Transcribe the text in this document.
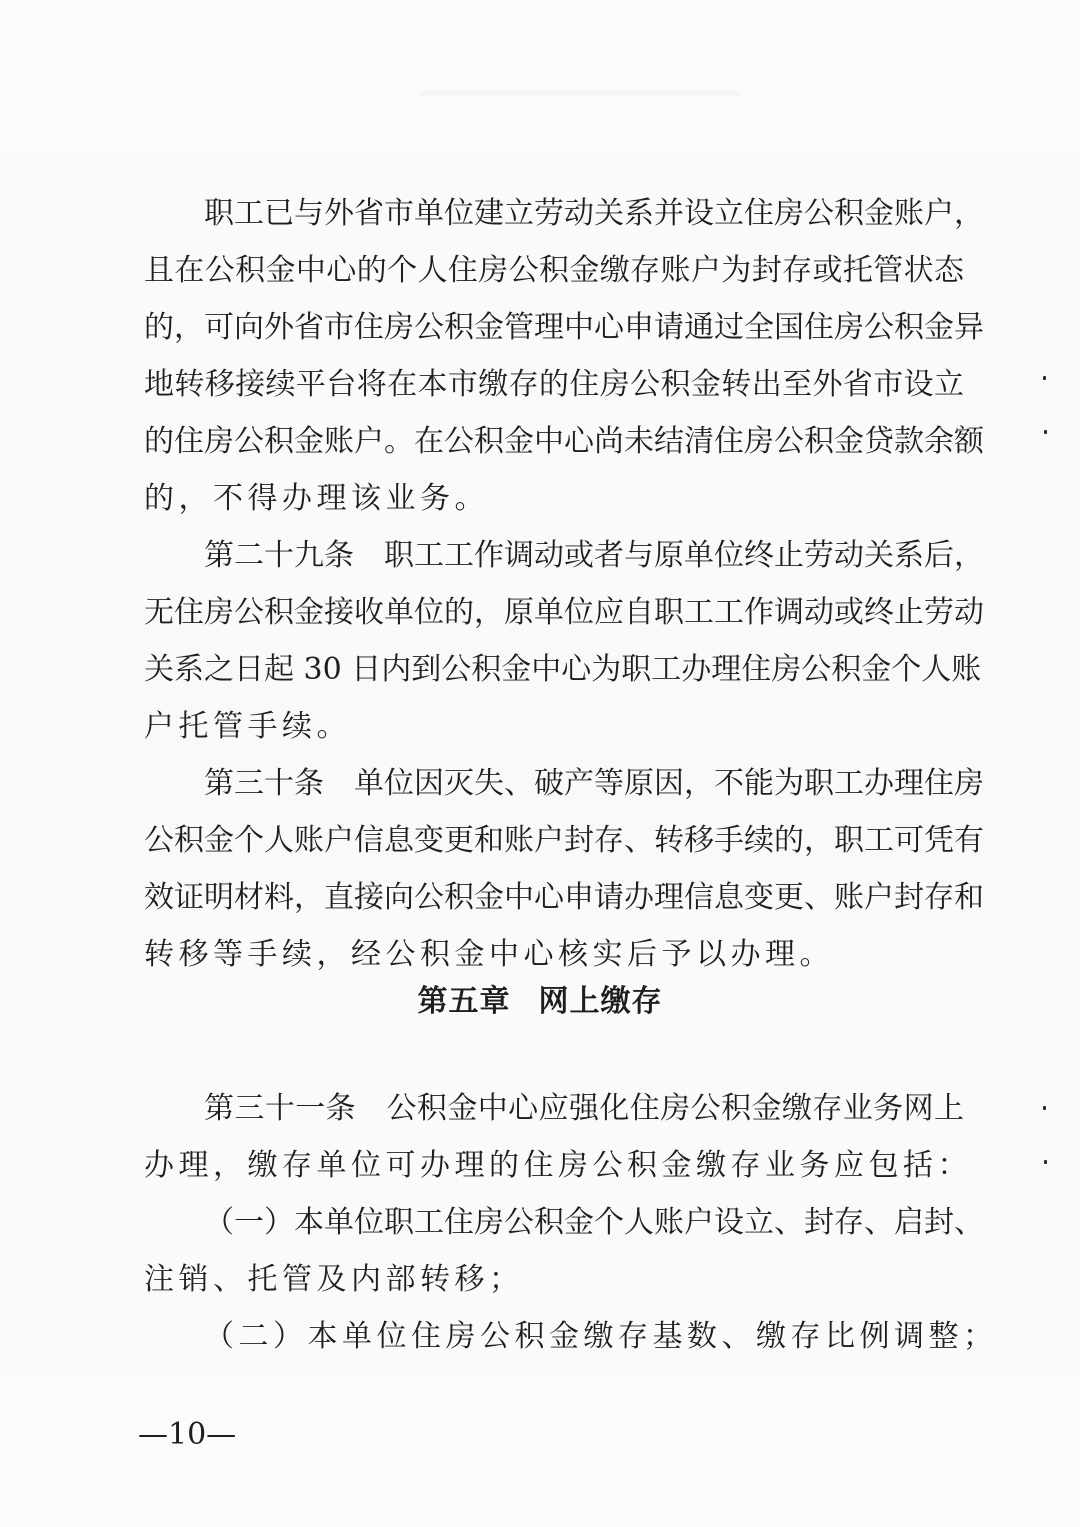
职工已与外省市单位建立劳动关系并设立住房公积金账户，
且在公积金中心的个人住房公积金缴存账户为封存或托管状态
的，可向外省市住房公积金管理中心申请通过全国住房公积金异
地转移接续平台将在本市缴存的住房公积金转出至外省市设立
的住房公积金账户。在公积金中心尚未结清住房公积金贷款余额
的，不得办理该业务。
第二十九条　职工工作调动或者与原单位终止劳动关系后，
无住房公积金接收单位的，原单位应自职工工作调动或终止劳动
关系之日起 30 日内到公积金中心为职工办理住房公积金个人账
户托管手续。
第三十条　单位因灭失、破产等原因，不能为职工办理住房
公积金个人账户信息变更和账户封存、转移手续的，职工可凭有
效证明材料，直接向公积金中心申请办理信息变更、账户封存和
转移等手续，经公积金中心核实后予以办理。
第五章 网上缴存
第三十一条　公积金中心应强化住房公积金缴存业务网上
办理，缴存单位可办理的住房公积金缴存业务应包括：
（一）本单位职工住房公积金个人账户设立、封存、启封、
注销、托管及内部转移；
（二）本单位住房公积金缴存基数、缴存比例调整；
—10—
